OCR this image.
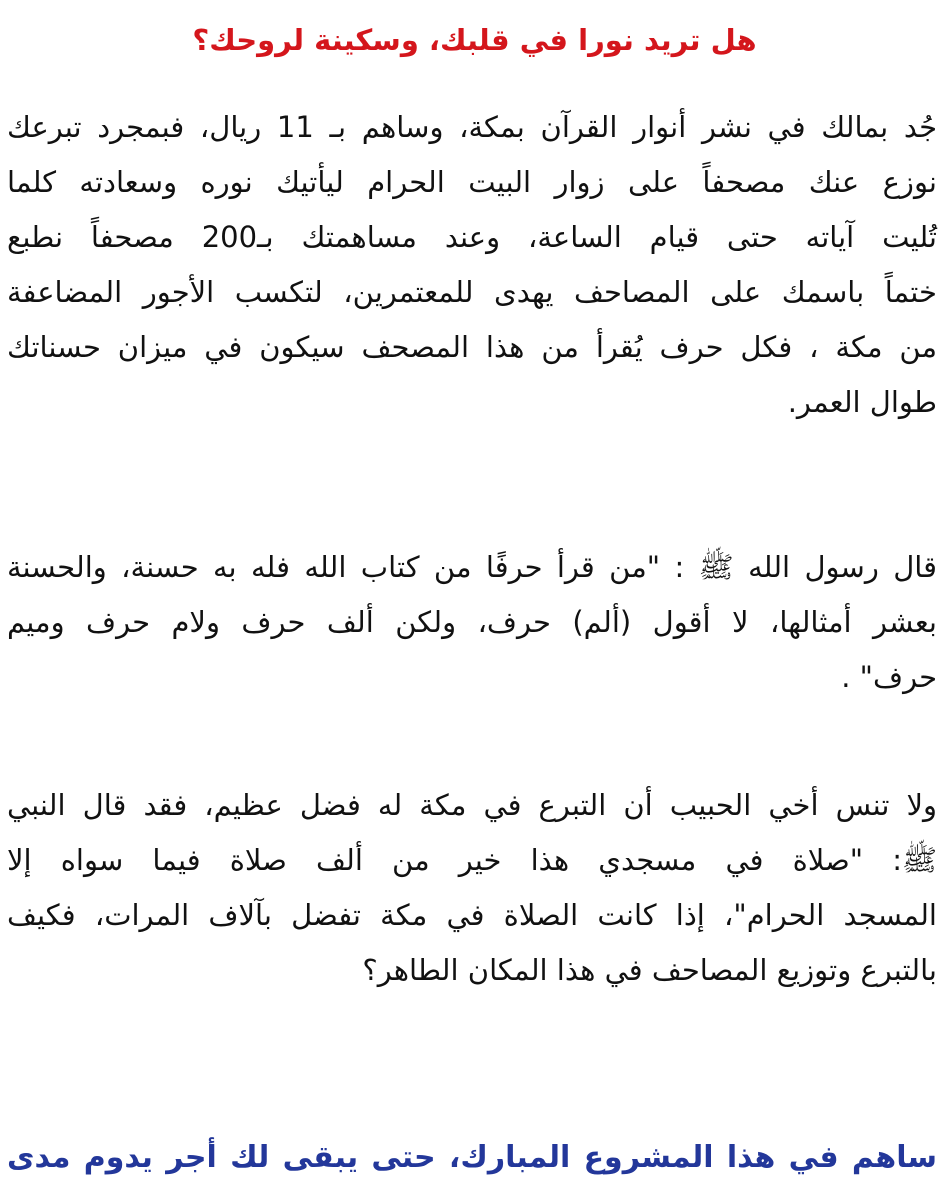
هل تريد نورا في قلبك، وسكينة لروحك؟
جُد بمالك في نشر أنوار القرآن بمكة، وساهم بـ 11 ريال، فبمجرد تبرعك
نوزع عنك مصحفاً على زوار البيت الحرام ليأتيك نوره وسعادته كلما
تُليت آياته حتى قيام الساعة، وعند مساهمتك بـ200 مصحفاً نطبع
ختماً باسمك على المصاحف يهدى للمعتمرين، لتكسب الأجور المضاعفة
من مكة ، فكل حرف يُقرأ من هذا المصحف سيكون في ميزان حسناتك
طوال العمر.
قال رسول الله ﷺ : "من قرأ حرفًا من كتاب الله فله به حسنة، والحسنة
بعشر أمثالها، لا أقول (ألم) حرف، ولكن ألف حرف ولام حرف وميم
حرف" .
ولا تنس أخي الحبيب أن التبرع في مكة له فضل عظيم، فقد قال النبي
ﷺ: "صلاة في مسجدي هذا خير من ألف صلاة فيما سواه إلا
المسجد الحرام"، إذا كانت الصلاة في مكة تفضل بآلاف المرات، فكيف
بالتبرع وتوزيع المصاحف في هذا المكان الطاهر؟
ساهم في هذا المشروع المبارك، حتى يبقى لك أجر يدوم مدى
